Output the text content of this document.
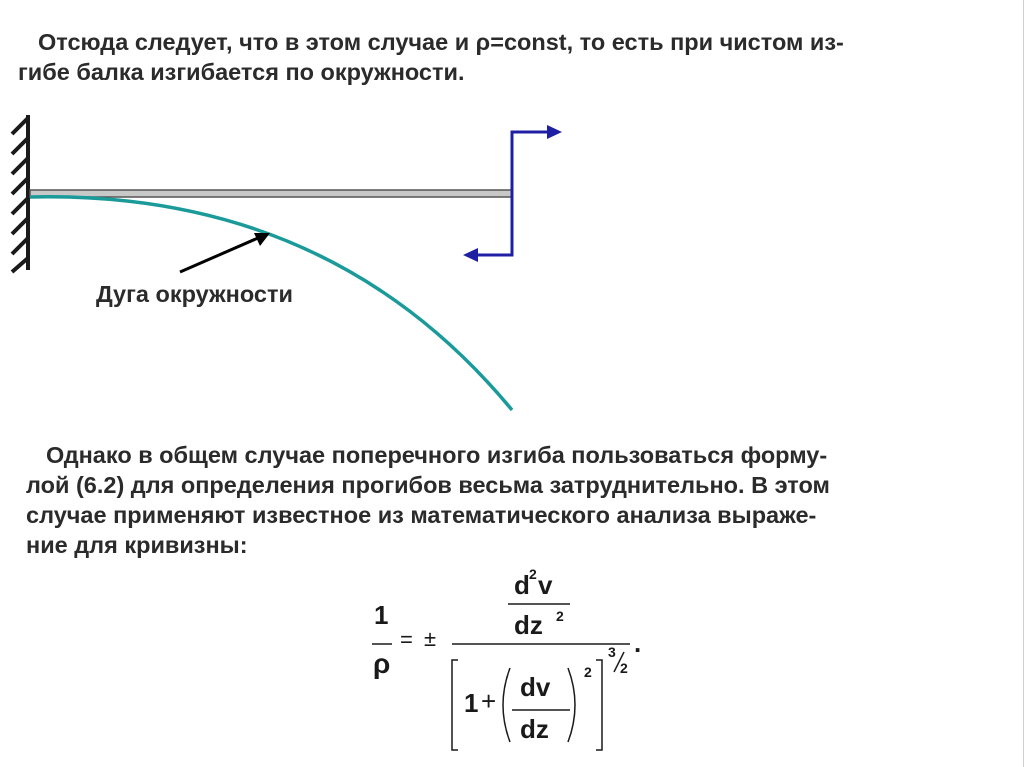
Отсюда следует, что в этом случае и ρ=const, то есть при чистом из-
гибе балка изгибается по окружности.
Дуга окружности
Однако в общем случае поперечного изгиба пользоваться форму-
лой (6.2) для определения прогибов весьма затруднительно. В этом
случае применяют известное из математического анализа выраже-
ние для кривизны:
1
ρ
= ±
d 2 v
dz 2
1 + dv
dz
2
3
2
.
